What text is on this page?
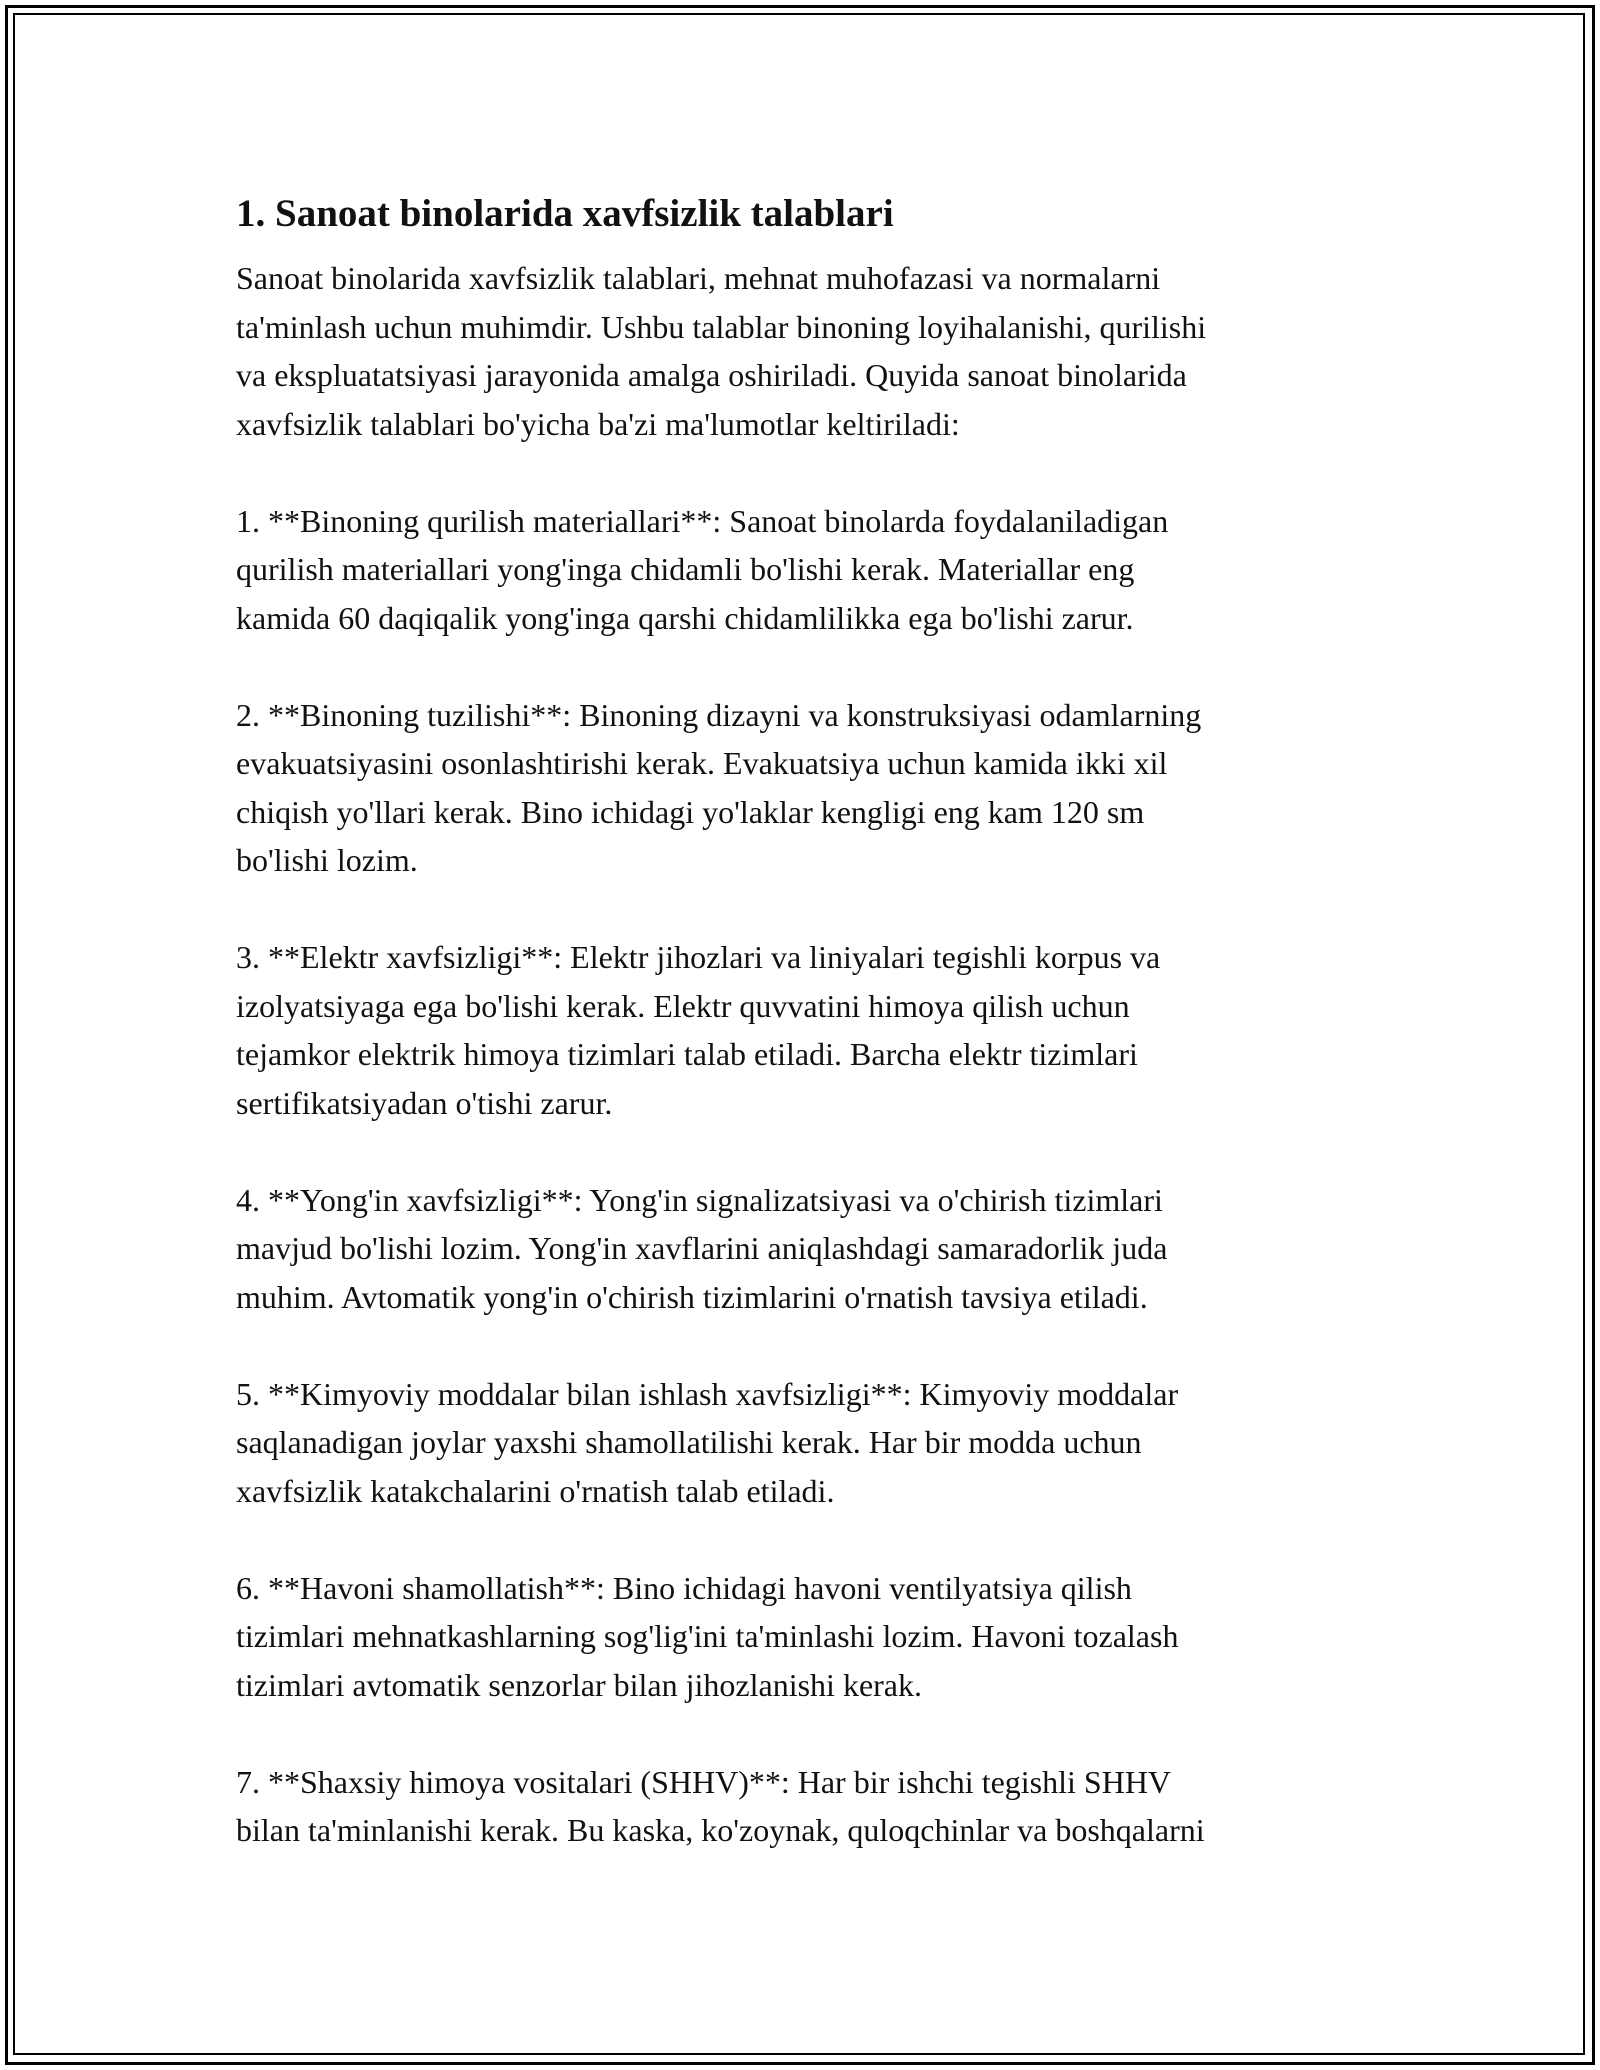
1. Sanoat binolarida xavfsizlik talablari
Sanoat binolarida xavfsizlik talablari, mehnat muhofazasi va normalarni
ta'minlash uchun muhimdir. Ushbu talablar binoning loyihalanishi, qurilishi
va ekspluatatsiyasi jarayonida amalga oshiriladi. Quyida sanoat binolarida
xavfsizlik talablari bo'yicha ba'zi ma'lumotlar keltiriladi:
1. **Binoning qurilish materiallari**: Sanoat binolarda foydalaniladigan
qurilish materiallari yong'inga chidamli bo'lishi kerak. Materiallar eng
kamida 60 daqiqalik yong'inga qarshi chidamlilikka ega bo'lishi zarur.
2. **Binoning tuzilishi**: Binoning dizayni va konstruksiyasi odamlarning
evakuatsiyasini osonlashtirishi kerak. Evakuatsiya uchun kamida ikki xil
chiqish yo'llari kerak. Bino ichidagi yo'laklar kengligi eng kam 120 sm
bo'lishi lozim.
3. **Elektr xavfsizligi**: Elektr jihozlari va liniyalari tegishli korpus va
izolyatsiyaga ega bo'lishi kerak. Elektr quvvatini himoya qilish uchun
tejamkor elektrik himoya tizimlari talab etiladi. Barcha elektr tizimlari
sertifikatsiyadan o'tishi zarur.
4. **Yong'in xavfsizligi**: Yong'in signalizatsiyasi va o'chirish tizimlari
mavjud bo'lishi lozim. Yong'in xavflarini aniqlashdagi samaradorlik juda
muhim. Avtomatik yong'in o'chirish tizimlarini o'rnatish tavsiya etiladi.
5. **Kimyoviy moddalar bilan ishlash xavfsizligi**: Kimyoviy moddalar
saqlanadigan joylar yaxshi shamollatilishi kerak. Har bir modda uchun
xavfsizlik katakchalarini o'rnatish talab etiladi.
6. **Havoni shamollatish**: Bino ichidagi havoni ventilyatsiya qilish
tizimlari mehnatkashlarning sog'lig'ini ta'minlashi lozim. Havoni tozalash
tizimlari avtomatik senzorlar bilan jihozlanishi kerak.
7. **Shaxsiy himoya vositalari (SHHV)**: Har bir ishchi tegishli SHHV
bilan ta'minlanishi kerak. Bu kaska, ko'zoynak, quloqchinlar va boshqalarni
